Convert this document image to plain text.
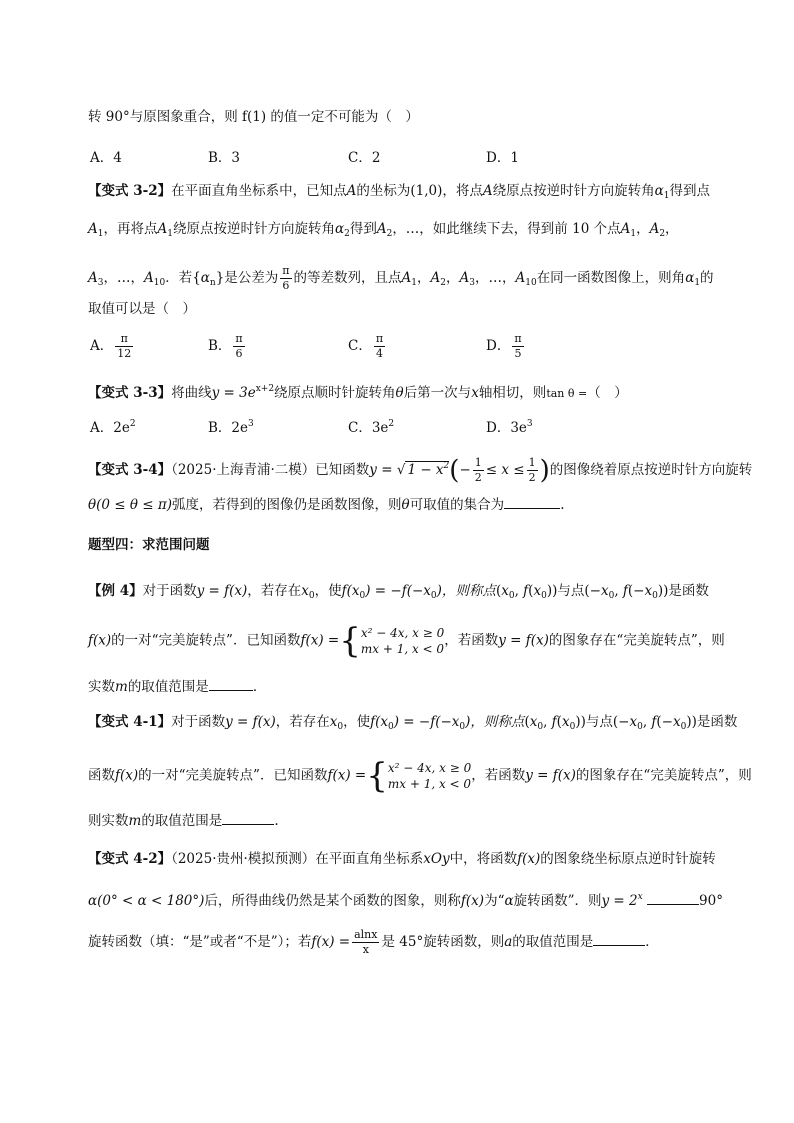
转 90°与原图象重合，则 f(1) 的值一定不可能为（　）
A．4	B．3	C．2	D．1
【变式 3-2】在平面直角坐标系中，已知点A的坐标为(1,0)，将点A绕原点按逆时针方向旋转角$\alpha_1$得到点
$A_1$，再将点$A_1$绕原点按逆时针方向旋转角$\alpha_2$得到$A_2$，…，如此继续下去，得到前 10 个点$A_1$，$A_2$，
$A_3$，…，$A_{10}$．若$\{\alpha_n\}$是公差为 $\frac{\pi}{6}$ 的等差数列，且点$A_1$，$A_2$，$A_3$，…，$A_{10}$在同一函数图像上，则角$\alpha_1$的
取值可以是（　）
A． $\frac{\pi}{12}$	B． $\frac{\pi}{6}$	C． $\frac{\pi}{4}$	D． $\frac{\pi}{5}$
【变式 3-3】将曲线$y = 3e^{x+2}$绕原点顺时针旋转角θ后第一次与x轴相切，则tan θ =（　）
A．$2e^2$	B．$2e^3$	C．$3e^2$	D．$3e^3$
【变式 3-4】（2025·上海青浦·二模）已知函数y = √ $1 - x^2(- \frac{1}{2} \le x \le \frac{1}{2}$ )的图像绕着原点按逆时针方向旋转
θ(0 ≤ θ ≤ π)弧度，若得到的图像仍是函数图像，则θ可取值的集合为	.
题型四：求范围问题
【例 4】对于函数y = f(x)，若存在$x_0$，使$f(x_0) = -f(-x_0)$，则称点($x_0$, $f(x_0)$)与点($-x_0$, $f(-x_0)$)是函数
f(x)的一对“完美旋转点”．已知函数f(x) ={ x² − 4x, x ≥ 0
mx + 1, x < 0
，若函数y = f(x)的图象存在“完美旋转点”，则
实数m的取值范围是	．
【变式 4-1】对于函数y = f(x)，若存在$x_0$，使$f(x_0) = -f(-x_0)$，则称点($x_0$, $f(x_0)$)与点($-x_0$, $f(-x_0)$)是函数
函数f(x)的一对“完美旋转点”．已知函数f(x) ={ x² − 4x, x ≥ 0
mx + 1, x < 0
，若函数y = f(x)的图象存在“完美旋转点”，则
则实数m的取值范围是	.
【变式 4-2】（2025·贵州·模拟预测）在平面直角坐标系xOy中，将函数f(x)的图象绕坐标原点逆时针旋转
α(0° < α < 180°)后，所得曲线仍然是某个函数的图象，则称f(x)为“α旋转函数”．则$y = 2^x$	90°
旋转函数（填：“是”或者“不是”）；若$f(x) = \frac{alnx}{x}$ 是 45°旋转函数，则a的取值范围是	．
